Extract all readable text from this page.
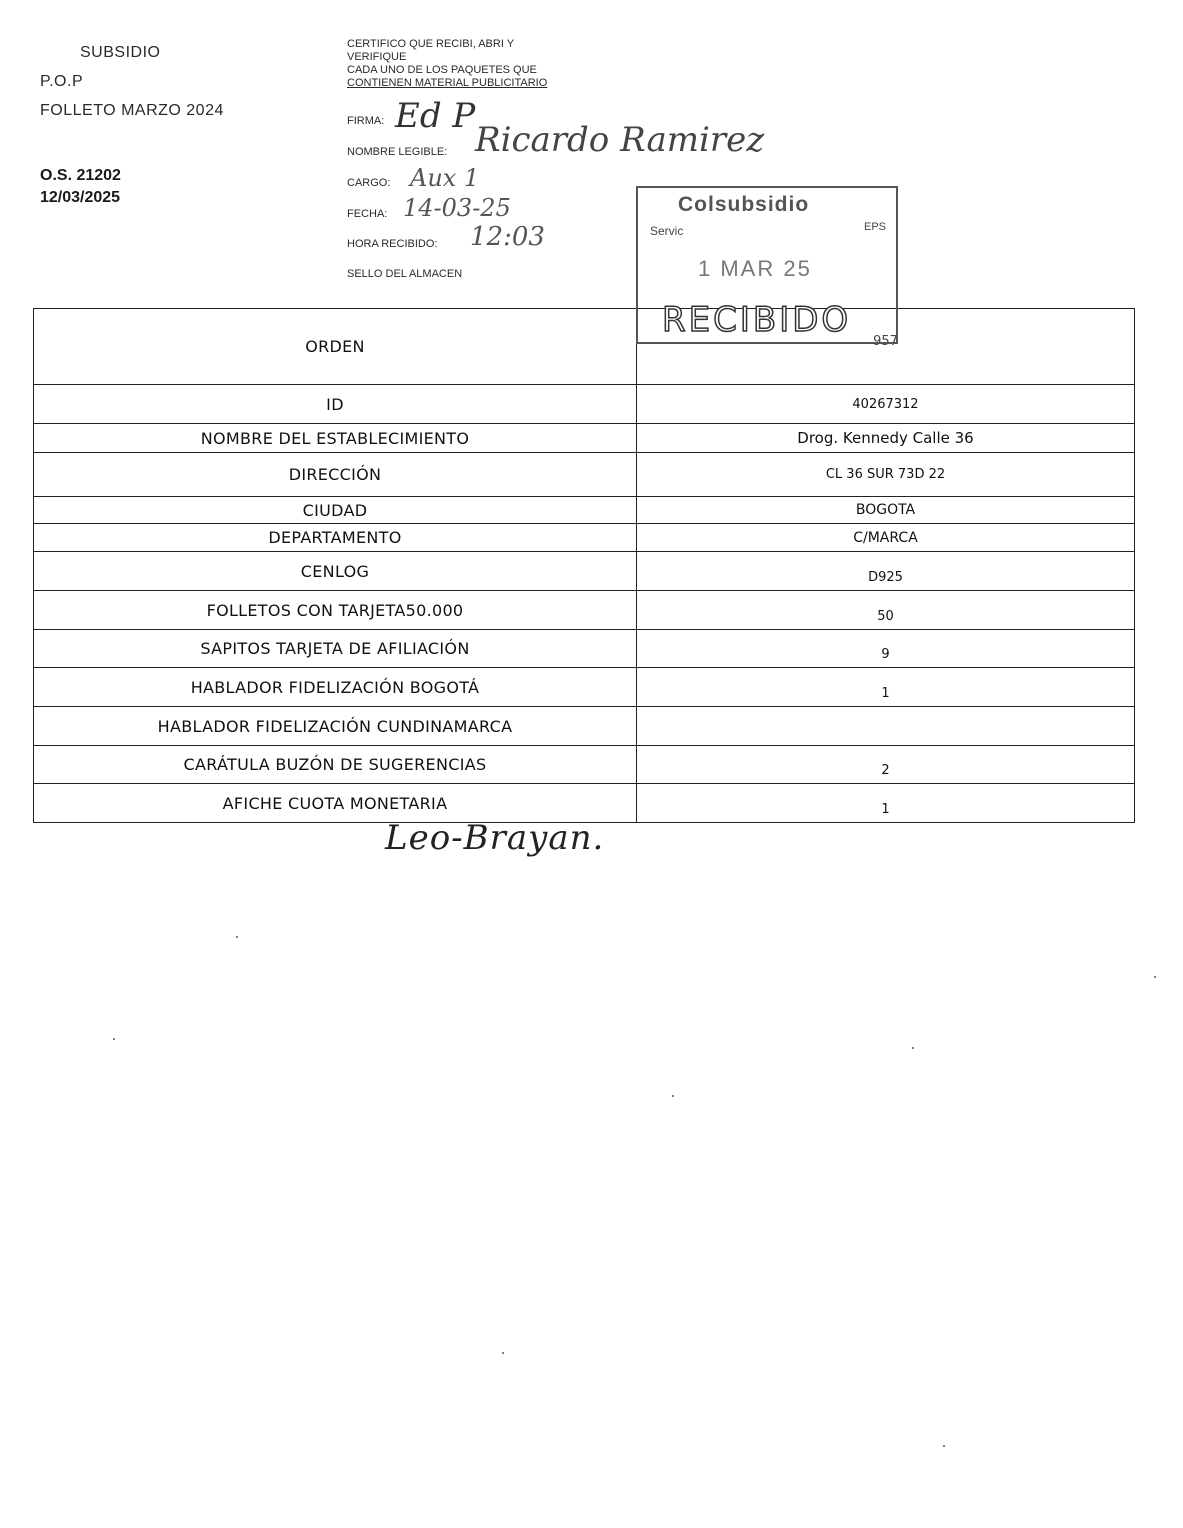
SUBSIDIO
P.O.P
FOLLETO MARZO 2024
O.S. 21202
12/03/2025
CERTIFICO QUE RECIBI, ABRI Y
VERIFIQUE
CADA UNO DE LOS PAQUETES QUE
CONTIENEN MATERIAL PUBLICITARIO
FIRMA: Ed P
NOMBRE LEGIBLE: Ricardo Ramirez
CARGO: Aux 1
FECHA: 14-03-25
HORA RECIBIDO: 12:03
SELLO DEL ALMACEN
ORDEN	957
ID	40267312
NOMBRE DEL ESTABLECIMIENTO	Drog. Kennedy Calle 36
DIRECCIÓN	CL 36 SUR 73D 22
CIUDAD	BOGOTA
DEPARTAMENTO	C/MARCA
CENLOG	D925
FOLLETOS CON TARJETA50.000	50
SAPITOS TARJETA DE AFILIACIÓN	9
HABLADOR FIDELIZACIÓN BOGOTÁ	1
HABLADOR FIDELIZACIÓN CUNDINAMARCA	
CARÁTULA BUZÓN DE SUGERENCIAS	2
AFICHE CUOTA MONETARIA	1
Colsubsidio
Servic	EPS
1 MAR 25
RECIBIDO
Leo-Brayan.
